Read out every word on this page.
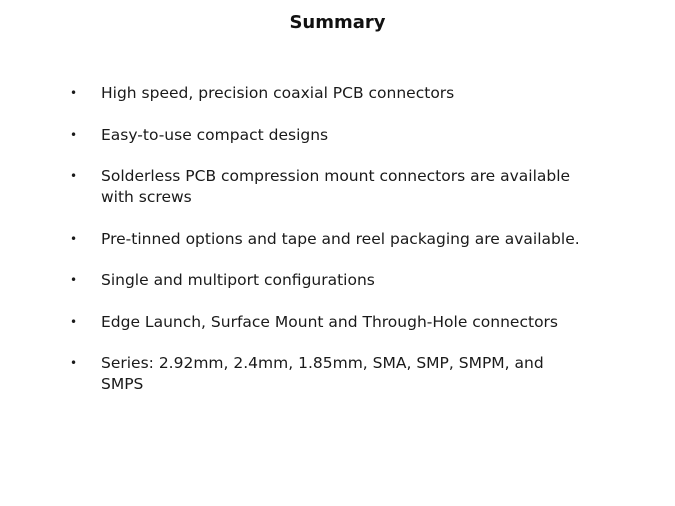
Summary
• High speed, precision coaxial PCB connectors
• Easy-to-use compact designs
• Solderless PCB compression mount connectors are available with screws
• Pre-tinned options and tape and reel packaging are available.
• Single and multiport configurations
• Edge Launch, Surface Mount and Through-Hole connectors
• Series: 2.92mm, 2.4mm, 1.85mm, SMA, SMP, SMPM, and SMPS
